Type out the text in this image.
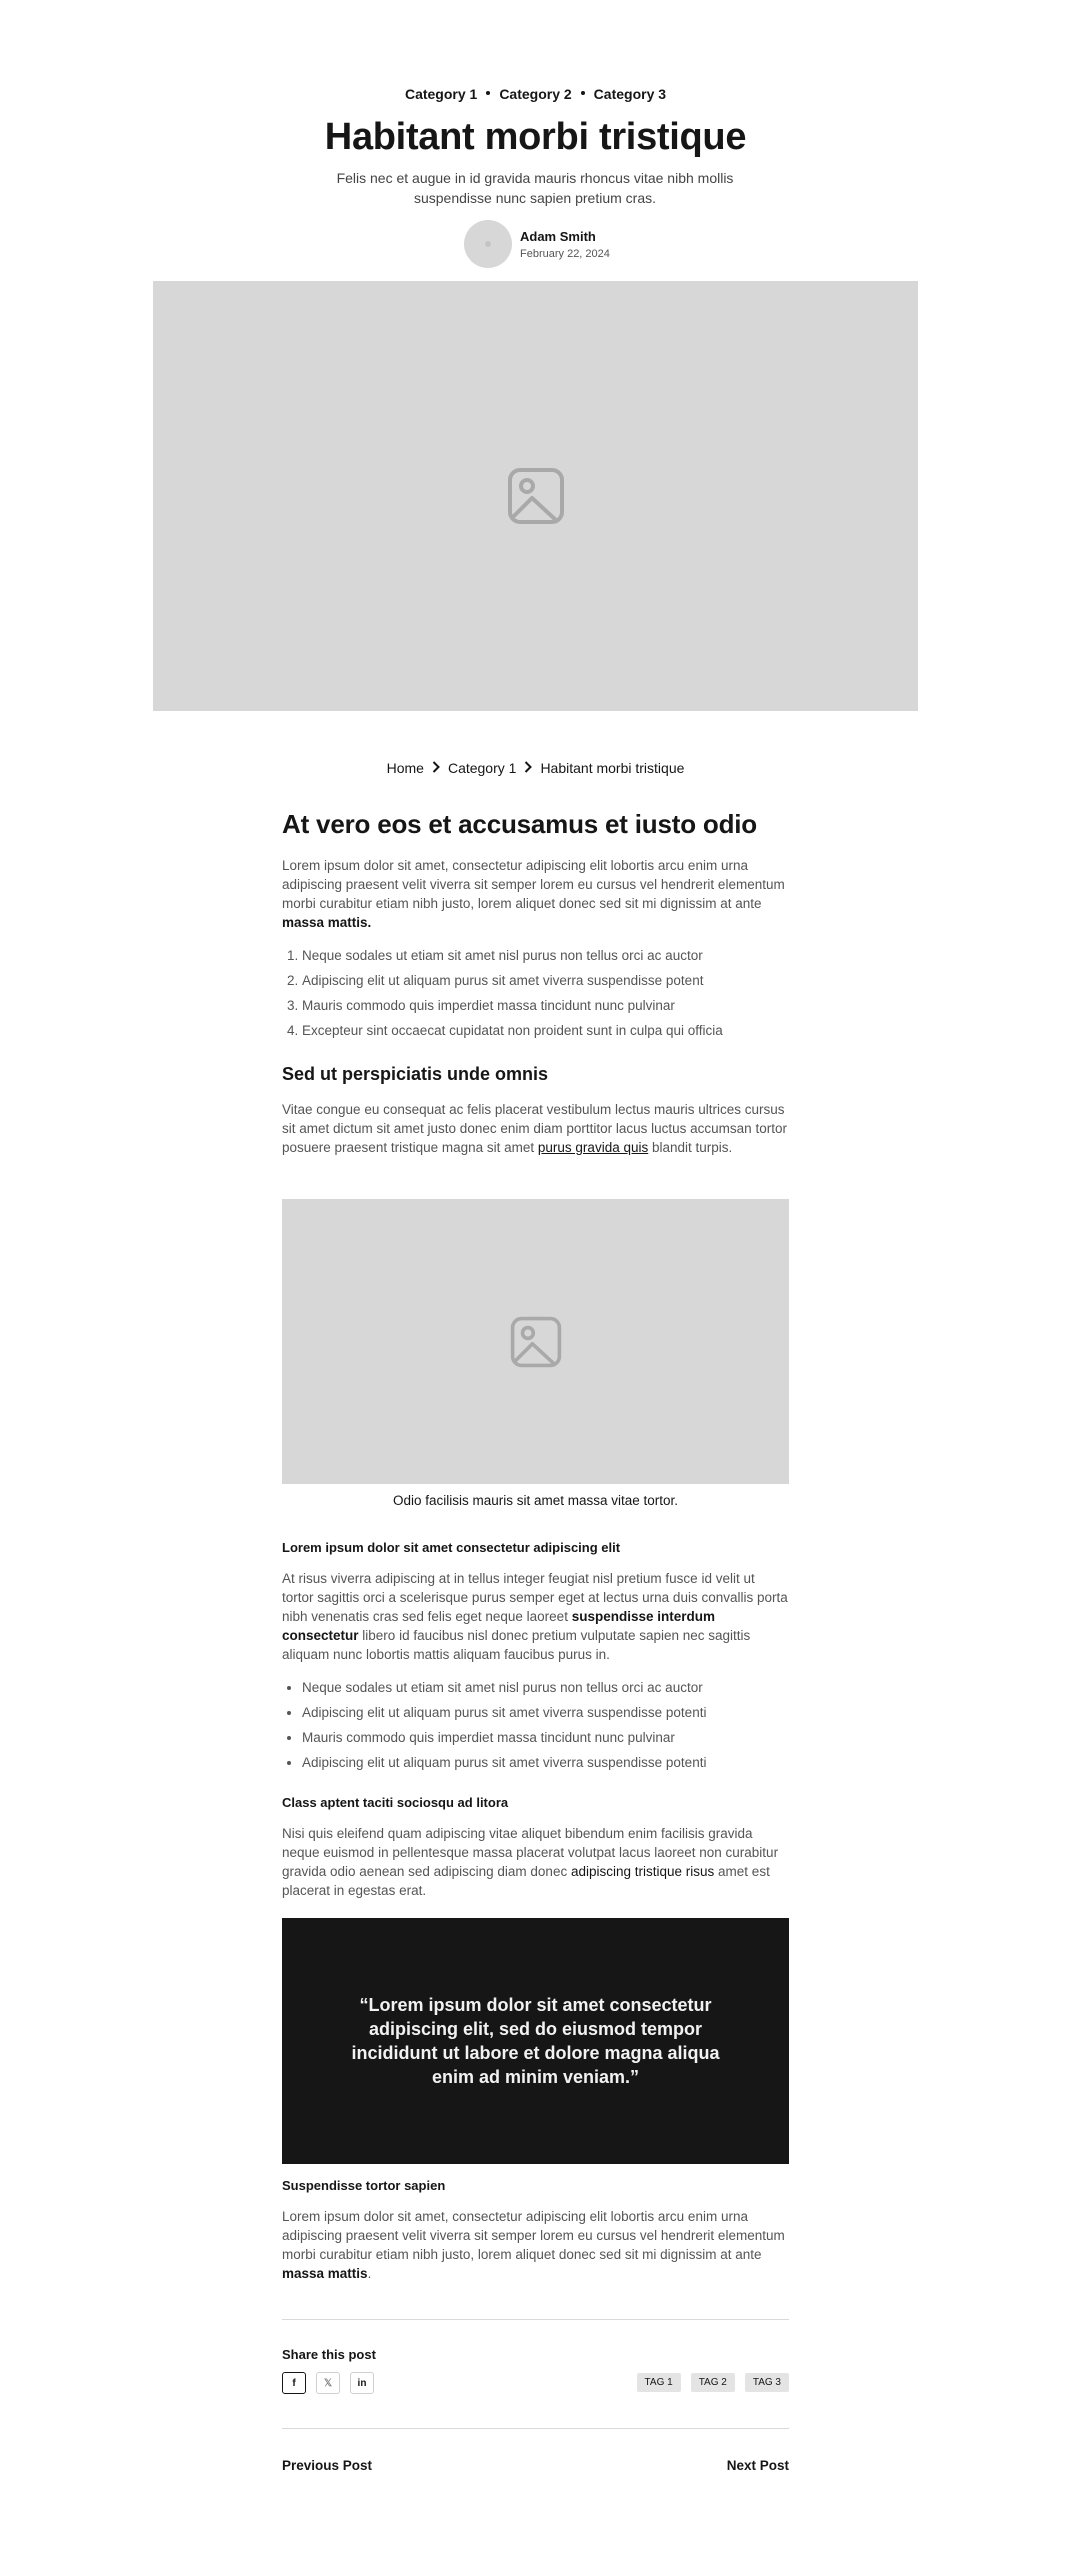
Category 1 Category 2 Category 3
Habitant morbi tristique

Felis nec et augue in id gravida mauris rhoncus vitae nibh mollis suspendisse nunc sapien pretium cras.

Adam Smith
February 22, 2024
Home Category 1 Habitant morbi tristique
At vero eos et accusamus et iusto odio

Lorem ipsum dolor sit amet, consectetur adipiscing elit lobortis arcu enim urna adipiscing praesent velit viverra sit semper lorem eu cursus vel hendrerit elementum morbi curabitur etiam nibh justo, lorem aliquet donec sed sit mi dignissim at ante massa mattis.

1. Neque sodales ut etiam sit amet nisl purus non tellus orci ac auctor
2. Adipiscing elit ut aliquam purus sit amet viverra suspendisse potent
3. Mauris commodo quis imperdiet massa tincidunt nunc pulvinar
4. Excepteur sint occaecat cupidatat non proident sunt in culpa qui officia
Sed ut perspiciatis unde omnis

Vitae congue eu consequat ac felis placerat vestibulum lectus mauris ultrices cursus sit amet dictum sit amet justo donec enim diam porttitor lacus luctus accumsan tortor posuere praesent tristique magna sit amet purus gravida quis blandit turpis.

Odio facilisis mauris sit amet massa vitae tortor.
Lorem ipsum dolor sit amet consectetur adipiscing elit

At risus viverra adipiscing at in tellus integer feugiat nisl pretium fusce id velit ut tortor sagittis orci a scelerisque purus semper eget at lectus urna duis convallis porta nibh venenatis cras sed felis eget neque laoreet suspendisse interdum consectetur libero id faucibus nisl donec pretium vulputate sapien nec sagittis aliquam nunc lobortis mattis aliquam faucibus purus in.

• Neque sodales ut etiam sit amet nisl purus non tellus orci ac auctor
• Adipiscing elit ut aliquam purus sit amet viverra suspendisse potenti
• Mauris commodo quis imperdiet massa tincidunt nunc pulvinar
• Adipiscing elit ut aliquam purus sit amet viverra suspendisse potenti
Class aptent taciti sociosqu ad litora

Nisi quis eleifend quam adipiscing vitae aliquet bibendum enim facilisis gravida neque euismod in pellentesque massa placerat volutpat lacus laoreet non curabitur gravida odio aenean sed adipiscing diam donec adipiscing tristique risus amet est placerat in egestas erat.

“Lorem ipsum dolor sit amet consectetur adipiscing elit, sed do eiusmod tempor incididunt ut labore et dolore magna aliqua enim ad minim veniam.”

Suspendisse tortor sapien

Lorem ipsum dolor sit amet, consectetur adipiscing elit lobortis arcu enim urna adipiscing praesent velit viverra sit semper lorem eu cursus vel hendrerit elementum morbi curabitur etiam nibh justo, lorem aliquet donec sed sit mi dignissim at ante massa mattis.

Share this post
f	𝕏	in	TAG 1	TAG 2	TAG 3
Previous Post	Next Post
